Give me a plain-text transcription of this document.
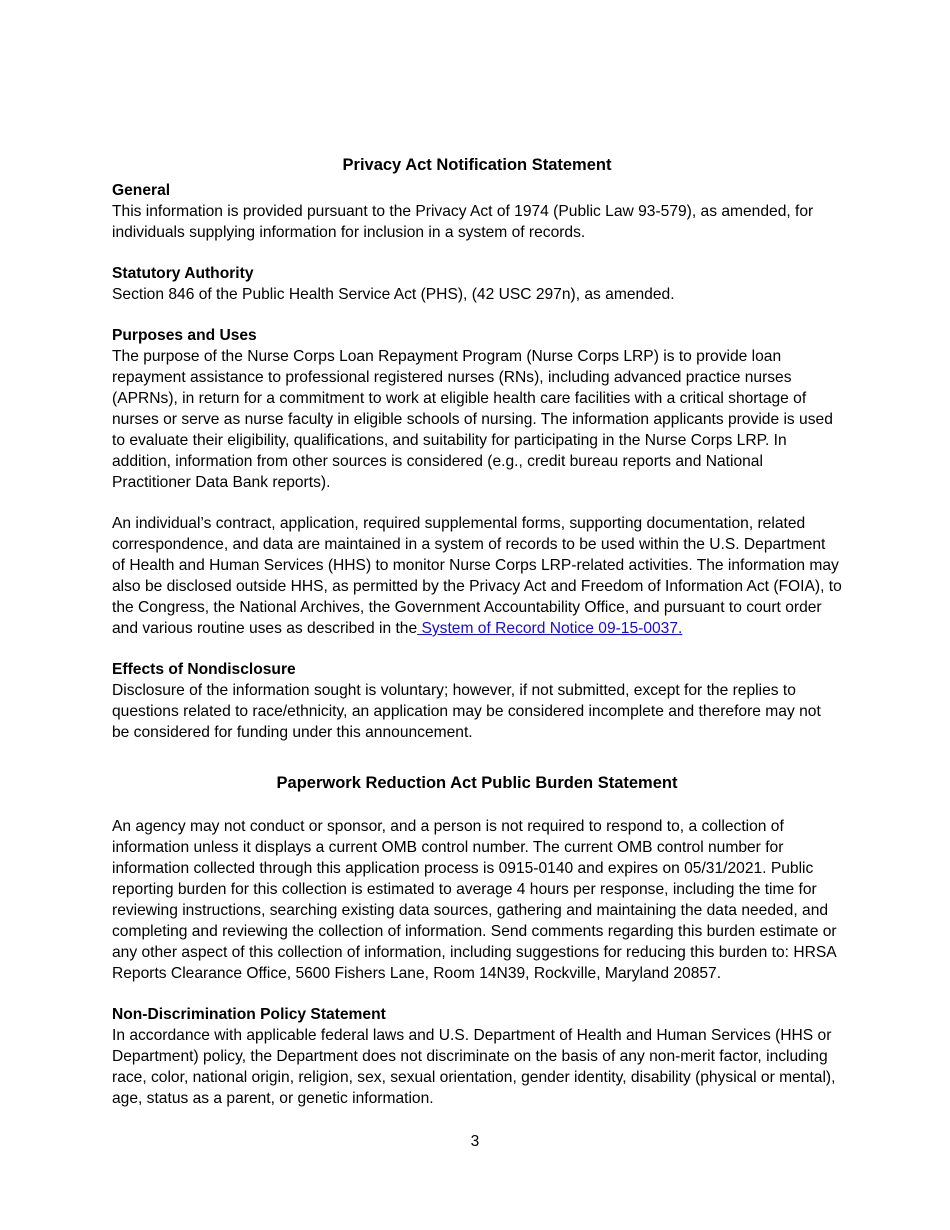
Privacy Act Notification Statement

General

This information is provided pursuant to the Privacy Act of 1974 (Public Law 93-579), as amended, for individuals supplying information for inclusion in a system of records.

Statutory Authority

Section 846 of the Public Health Service Act (PHS), (42 USC 297n), as amended.

Purposes and Uses

The purpose of the Nurse Corps Loan Repayment Program (Nurse Corps LRP) is to provide loan repayment assistance to professional registered nurses (RNs), including advanced practice nurses (APRNs), in return for a commitment to work at eligible health care facilities with a critical shortage of nurses or serve as nurse faculty in eligible schools of nursing. The information applicants provide is used to evaluate their eligibility, qualifications, and suitability for participating in the Nurse Corps LRP. In addition, information from other sources is considered (e.g., credit bureau reports and National Practitioner Data Bank reports).

An individual’s contract, application, required supplemental forms, supporting documentation, related correspondence, and data are maintained in a system of records to be used within the U.S. Department of Health and Human Services (HHS) to monitor Nurse Corps LRP-related activities. The information may also be disclosed outside HHS, as permitted by the Privacy Act and Freedom of Information Act (FOIA), to the Congress, the National Archives, the Government Accountability Office, and pursuant to court order and various routine uses as described in the System of Record Notice 09-15-0037.

Effects of Nondisclosure

Disclosure of the information sought is voluntary; however, if not submitted, except for the replies to questions related to race/ethnicity, an application may be considered incomplete and therefore may not be considered for funding under this announcement.

Paperwork Reduction Act Public Burden Statement

An agency may not conduct or sponsor, and a person is not required to respond to, a collection of information unless it displays a current OMB control number. The current OMB control number for information collected through this application process is 0915-0140 and expires on 05/31/2021. Public reporting burden for this collection is estimated to average 4 hours per response, including the time for reviewing instructions, searching existing data sources, gathering and maintaining the data needed, and completing and reviewing the collection of information. Send comments regarding this burden estimate or any other aspect of this collection of information, including suggestions for reducing this burden to: HRSA Reports Clearance Office, 5600 Fishers Lane, Room 14N39, Rockville, Maryland 20857.

Non-Discrimination Policy Statement

In accordance with applicable federal laws and U.S. Department of Health and Human Services (HHS or Department) policy, the Department does not discriminate on the basis of any non-merit factor, including race, color, national origin, religion, sex, sexual orientation, gender identity, disability (physical or mental), age, status as a parent, or genetic information.

3
